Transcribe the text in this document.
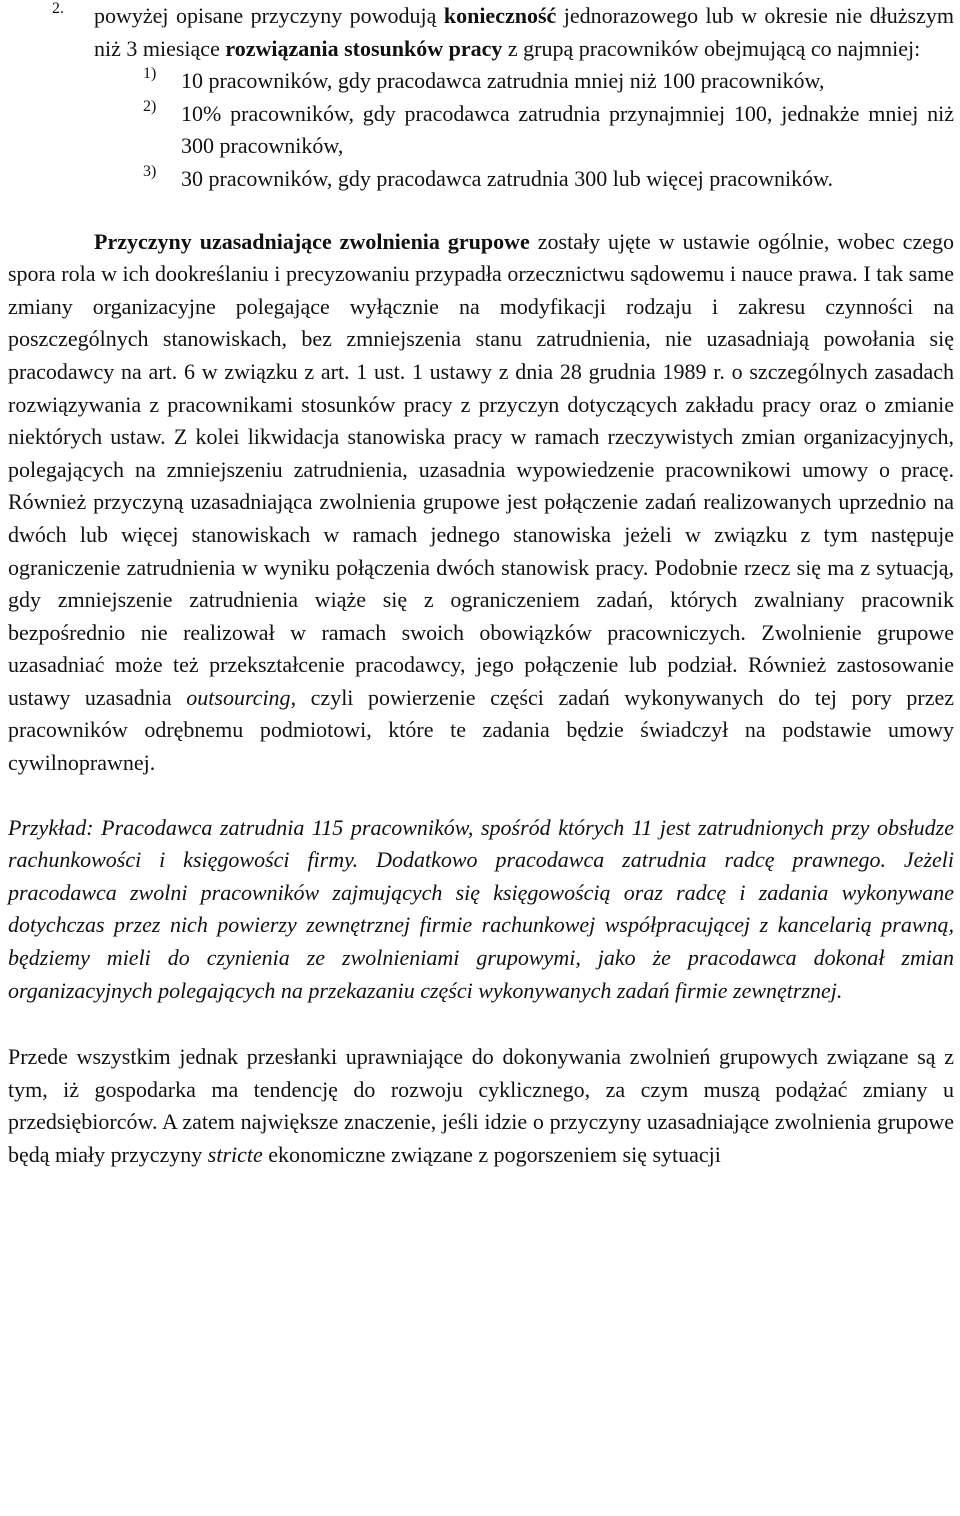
2.	powyżej opisane przyczyny powodują konieczność jednorazowego lub w okresie nie dłuższym niż 3 miesiące rozwiązania stosunków pracy z grupą pracowników obejmującą co najmniej:

1)	10 pracowników, gdy pracodawca zatrudnia mniej niż 100 pracowników,

2)	10% pracowników, gdy pracodawca zatrudnia przynajmniej 100, jednakże mniej niż 300 pracowników,

3)	30 pracowników, gdy pracodawca zatrudnia 300 lub więcej pracowników.

Przyczyny uzasadniające zwolnienia grupowe zostały ujęte w ustawie ogólnie, wobec czego spora rola w ich dookreślaniu i precyzowaniu przypadła orzecznictwu sądowemu i nauce prawa. I tak same zmiany organizacyjne polegające wyłącznie na modyfikacji rodzaju i zakresu czynności na poszczególnych stanowiskach, bez zmniejszenia stanu zatrudnienia, nie uzasadniają powołania się pracodawcy na art. 6 w związku z art. 1 ust. 1 ustawy z dnia 28 grudnia 1989 r. o szczególnych zasadach rozwiązywania z pracownikami stosunków pracy z przyczyn dotyczących zakładu pracy oraz o zmianie niektórych ustaw. Z kolei likwidacja stanowiska pracy w ramach rzeczywistych zmian organizacyjnych, polegających na zmniejszeniu zatrudnienia, uzasadnia wypowiedzenie pracownikowi umowy o pracę. Również przyczyną uzasadniająca zwolnienia grupowe jest połączenie zadań realizowanych uprzednio na dwóch lub więcej stanowiskach w ramach jednego stanowiska jeżeli w związku z tym następuje ograniczenie zatrudnienia w wyniku połączenia dwóch stanowisk pracy. Podobnie rzecz się ma z sytuacją, gdy zmniejszenie zatrudnienia wiąże się z ograniczeniem zadań, których zwalniany pracownik bezpośrednio nie realizował w ramach swoich obowiązków pracowniczych. Zwolnienie grupowe uzasadniać może też przekształcenie pracodawcy, jego połączenie lub podział. Również zastosowanie ustawy uzasadnia outsourcing, czyli powierzenie części zadań wykonywanych do tej pory przez pracowników odrębnemu podmiotowi, które te zadania będzie świadczył na podstawie umowy cywilnoprawnej.

Przykład: Pracodawca zatrudnia 115 pracowników, spośród których 11 jest zatrudnionych przy obsłudze rachunkowości i księgowości firmy. Dodatkowo pracodawca zatrudnia radcę prawnego. Jeżeli pracodawca zwolni pracowników zajmujących się księgowością oraz radcę i zadania wykonywane dotychczas przez nich powierzy zewnętrznej firmie rachunkowej współpracującej z kancelarią prawną, będziemy mieli do czynienia ze zwolnieniami grupowymi, jako że pracodawca dokonał zmian organizacyjnych polegających na przekazaniu części wykonywanych zadań firmie zewnętrznej.

Przede wszystkim jednak przesłanki uprawniające do dokonywania zwolnień grupowych związane są z tym, iż gospodarka ma tendencję do rozwoju cyklicznego, za czym muszą podążać zmiany u przedsiębiorców. A zatem największe znaczenie, jeśli idzie o przyczyny uzasadniające zwolnienia grupowe będą miały przyczyny stricte ekonomiczne związane z pogorszeniem się sytuacji
